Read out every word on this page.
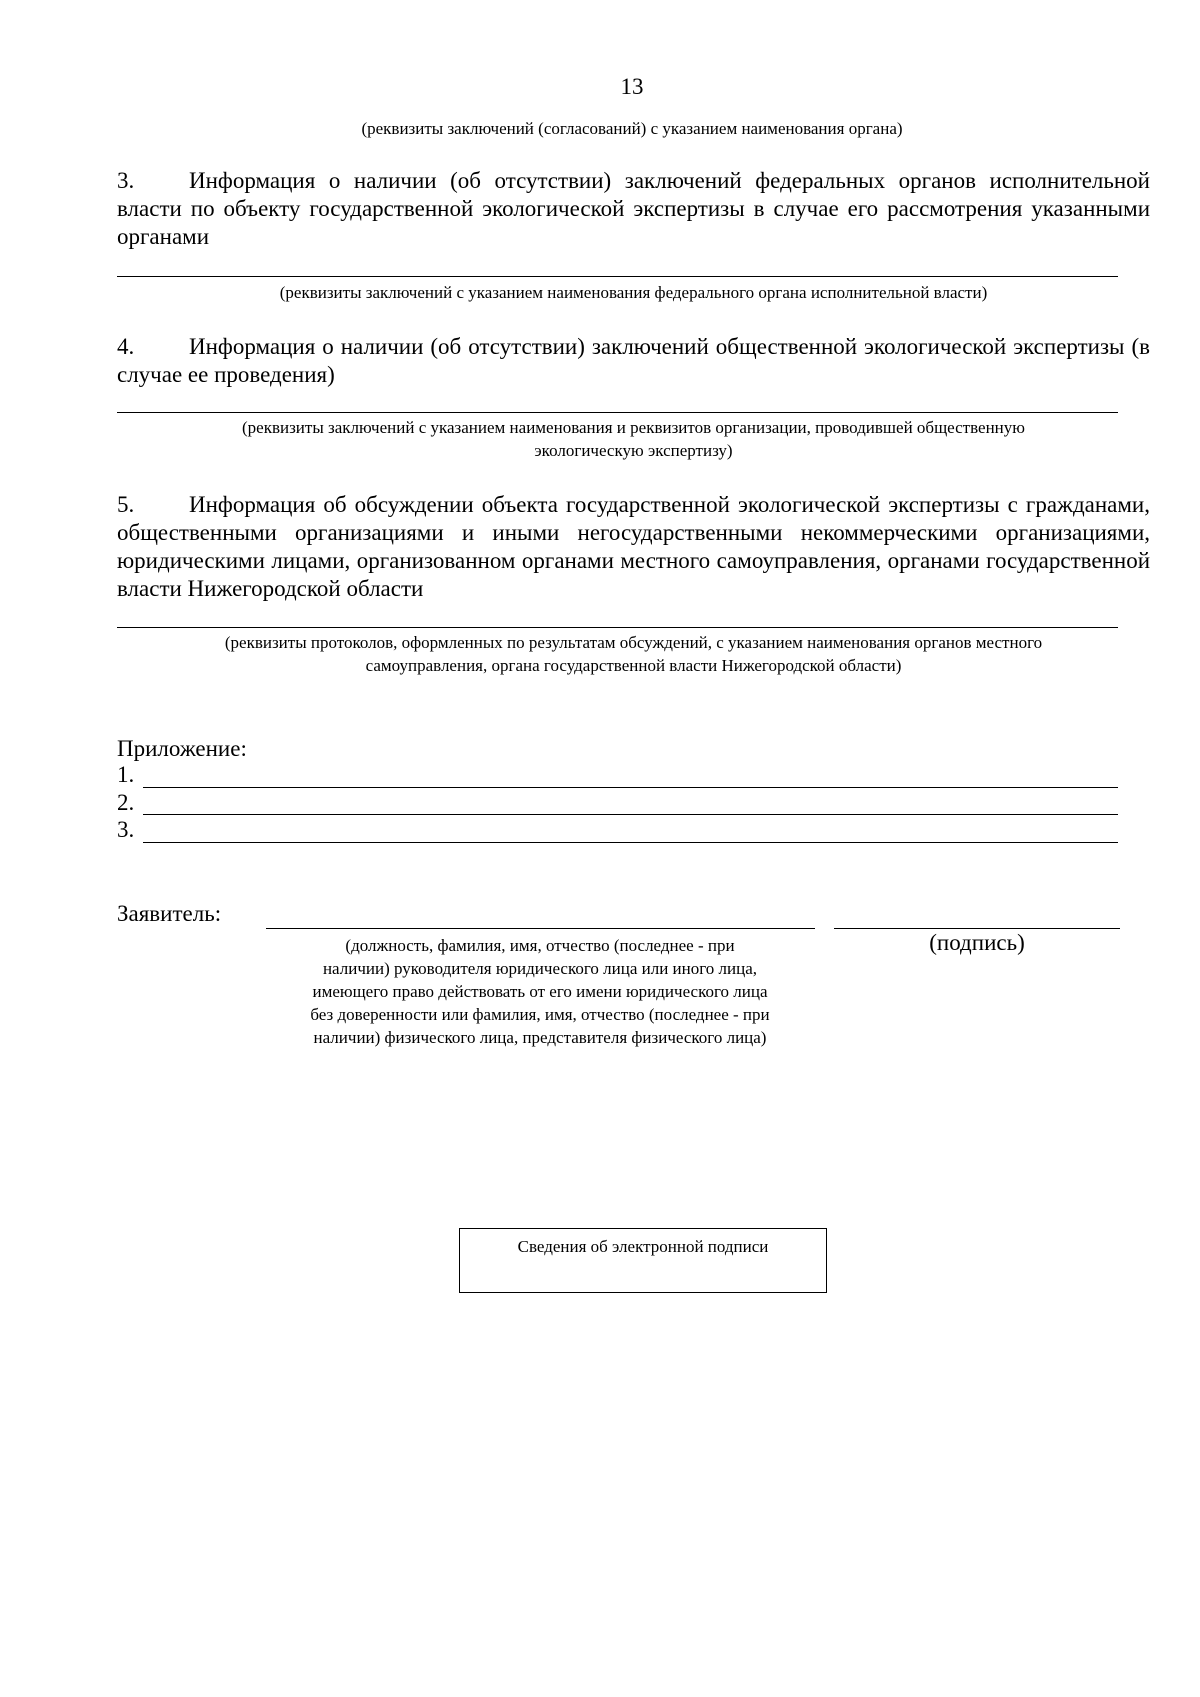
13
(реквизиты заключений (согласований) с указанием наименования органа)
3. Информация о наличии (об отсутствии) заключений федеральных органов исполнительной власти по объекту государственной экологической экспертизы в случае его рассмотрения указанными органами
(реквизиты заключений с указанием наименования федерального органа исполнительной власти)
4. Информация о наличии (об отсутствии) заключений общественной экологической экспертизы (в случае ее проведения)
(реквизиты заключений с указанием наименования и реквизитов организации, проводившей общественную
экологическую экспертизу)
5. Информация об обсуждении объекта государственной экологической экспертизы с гражданами, общественными организациями и иными негосударственными некоммерческими организациями, юридическими лицами, организованном органами местного самоуправления, органами государственной власти Нижегородской области
(реквизиты протоколов, оформленных по результатам обсуждений, с указанием наименования органов местного
самоуправления, органа государственной власти Нижегородской области)
Приложение:
1.
2.
3.
Заявитель:
(должность, фамилия, имя, отчество (последнее - при
наличии) руководителя юридического лица или иного лица,
имеющего право действовать от его имени юридического лица
без доверенности или фамилия, имя, отчество (последнее - при
наличии) физического лица, представителя физического лица)
(подпись)
Сведения об электронной подписи
